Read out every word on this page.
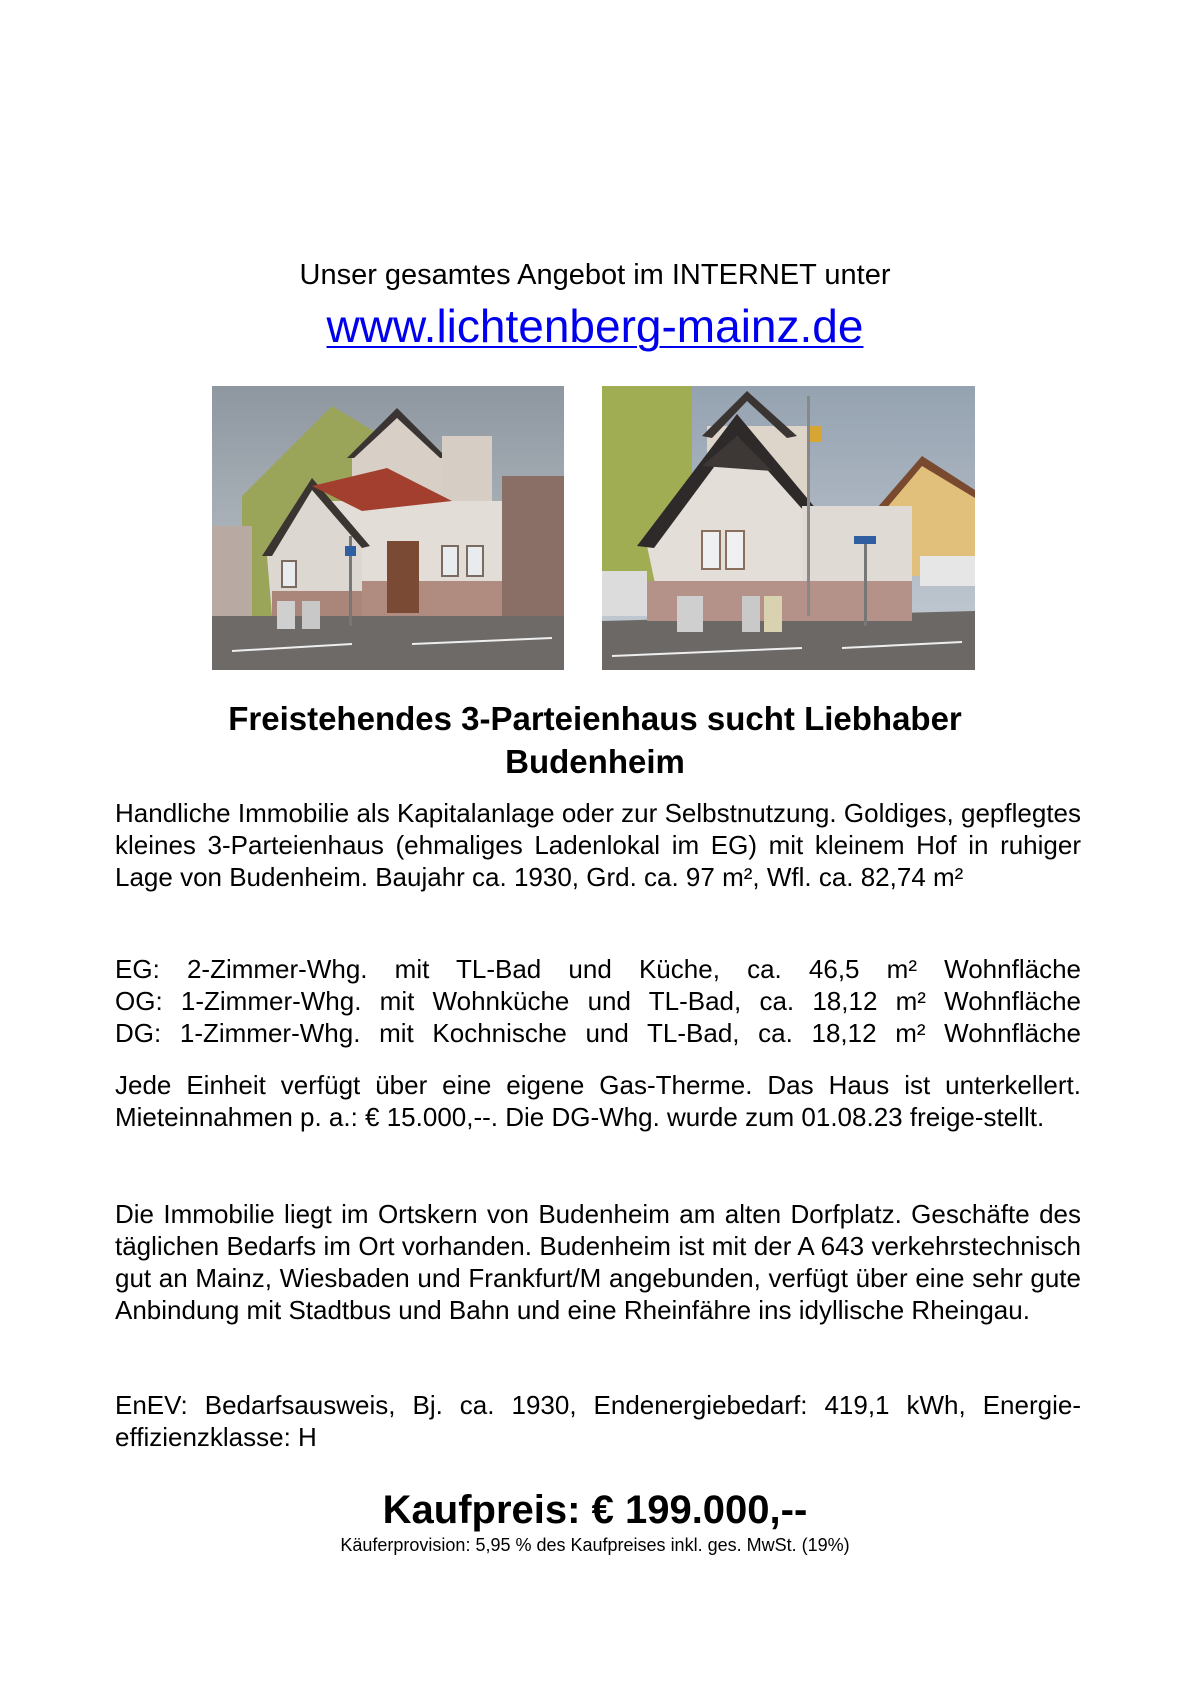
Unser gesamtes Angebot im INTERNET unter
www.lichtenberg-mainz.de
Freistehendes 3-Parteienhaus sucht Liebhaber
Budenheim

Handliche Immobilie als Kapitalanlage oder zur Selbstnutzung. Goldiges, gepflegtes kleines 3-Parteienhaus (ehmaliges Ladenlokal im EG) mit kleinem Hof in ruhiger Lage von Budenheim. Baujahr ca. 1930, Grd. ca. 97 m², Wfl. ca. 82,74 m²

EG: 2-Zimmer-Whg. mit TL-Bad und Küche, ca. 46,5 m² Wohnfläche
OG: 1-Zimmer-Whg. mit Wohnküche und TL-Bad, ca. 18,12 m² Wohnfläche
DG: 1-Zimmer-Whg. mit Kochnische und TL-Bad, ca. 18,12 m² Wohnfläche

Jede Einheit verfügt über eine eigene Gas-Therme. Das Haus ist unterkellert. Mieteinnahmen p. a.: € 15.000,--. Die DG-Whg. wurde zum 01.08.23 freige-stellt.

Die Immobilie liegt im Ortskern von Budenheim am alten Dorfplatz. Geschäfte des täglichen Bedarfs im Ort vorhanden. Budenheim ist mit der A 643 verkehrstechnisch gut an Mainz, Wiesbaden und Frankfurt/M angebunden, verfügt über eine sehr gute Anbindung mit Stadtbus und Bahn und eine Rheinfähre ins idyllische Rheingau.

EnEV: Bedarfsausweis, Bj. ca. 1930, Endenergiebedarf: 419,1 kWh, Energie-effizienzklasse: H

Kaufpreis: € 199.000,--
Käuferprovision: 5,95 % des Kaufpreises inkl. ges. MwSt. (19%)
